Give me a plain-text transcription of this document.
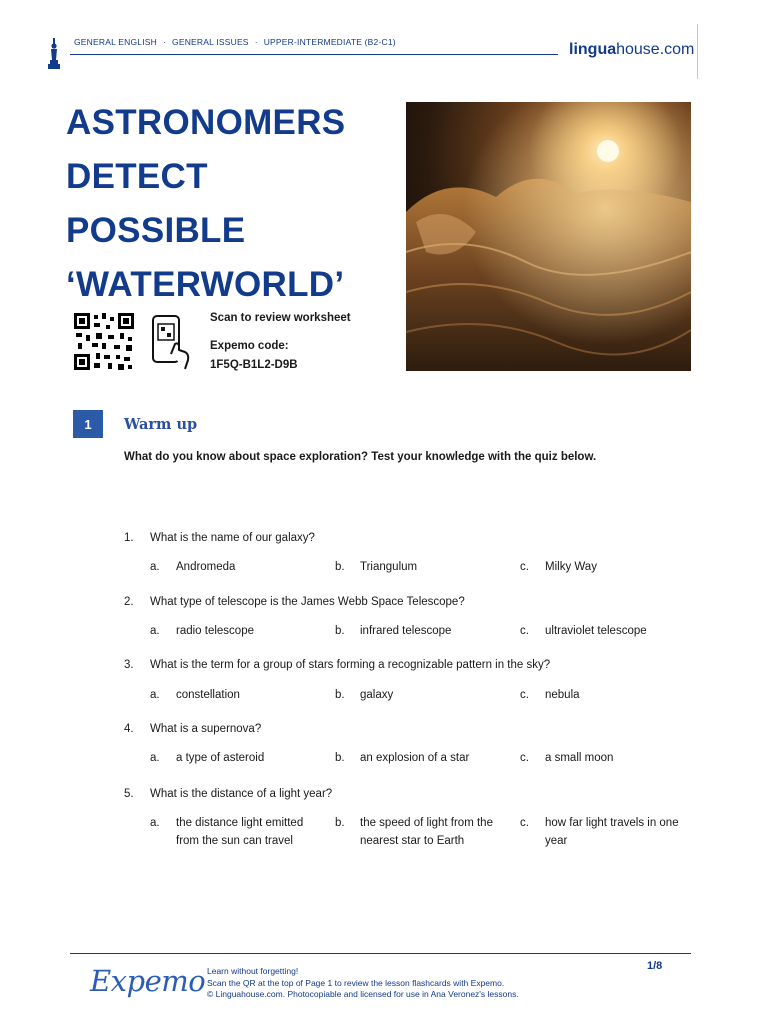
GENERAL ENGLISH · GENERAL ISSUES · UPPER-INTERMEDIATE (B2-C1)	linguahouse.com
ASTRONOMERS
DETECT POSSIBLE
‘WATERWORLD’
Scan to review worksheet
Expemo code:
1F5Q-B1L2-D9B
1	Warm up
What do you know about space exploration? Test your knowledge with the quiz below.
1. What is the name of our galaxy?
a. Andromeda	b. Triangulum	c. Milky Way
2. What type of telescope is the James Webb Space Telescope?
a. radio telescope	b. infrared telescope	c. ultraviolet telescope
3. What is the term for a group of stars forming a recognizable pattern in the sky?
a. constellation	b. galaxy	c. nebula
4. What is a supernova?
a. a type of asteroid	b. an explosion of a star	c. a small moon
5. What is the distance of a light year?
a. the distance light emitted from the sun can travel
b. the speed of light from the nearest star to Earth
c. how far light travels in one year
Expemo Learn without forgetting!
Scan the QR at the top of Page 1 to review the lesson flashcards with Expemo.
© Linguahouse.com. Photocopiable and licensed for use in Ana Veronez's lessons.
1/8
